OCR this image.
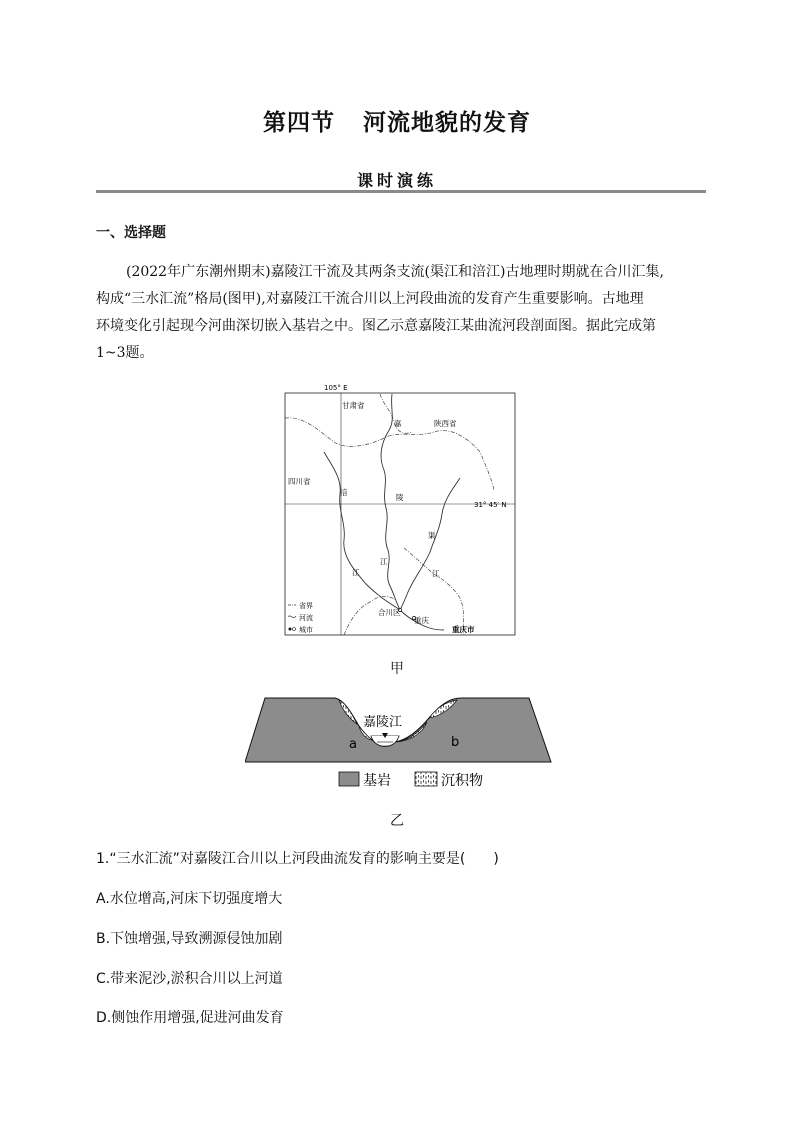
第四节 河流地貌的发育
课时演练
一、选择题
(2022年广东潮州期末)嘉陵江干流及其两条支流(渠江和涪江)古地理时期就在合川汇集,
构成“三水汇流”格局(图甲),对嘉陵江干流合川以上河段曲流的发育产生重要影响。古地理
环境变化引起现今河曲深切嵌入基岩之中。图乙示意嘉陵江某曲流河段剖面图。据此完成第
1~3题。
105° E
31° 45′ N
甘肃省
陕西省
四川省
嘉
陵
江
涪
江
渠
江
合川区
重庆
重庆市
省界
河流
城市
甲
嘉陵江
a	b
基岩	沉积物
乙
1.“三水汇流”对嘉陵江合川以上河段曲流发育的影响主要是(　　)
A.水位增高,河床下切强度增大
B.下蚀增强,导致溯源侵蚀加剧
C.带来泥沙,淤积合川以上河道
D.侧蚀作用增强,促进河曲发育
